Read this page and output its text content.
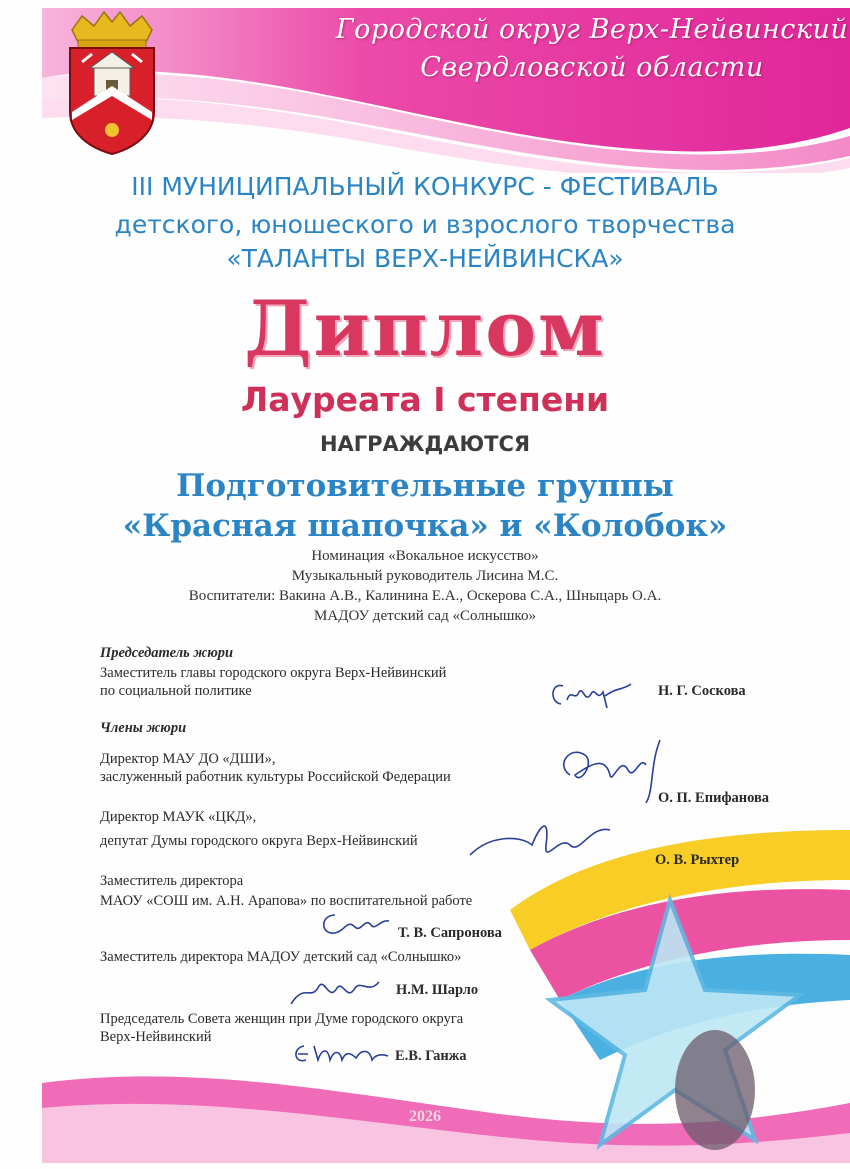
Городской округ Верх-Нейвинский
Свердловской области
III МУНИЦИПАЛЬНЫЙ КОНКУРС - ФЕСТИВАЛЬ
детского, юношеского и взрослого творчества
«ТАЛАНТЫ ВЕРХ-НЕЙВИНСКА»
Диплом
Лауреата I степени
НАГРАЖДАЮТСЯ
Подготовительные группы
«Красная шапочка» и «Колобок»
Номинация «Вокальное искусство»
Музыкальный руководитель Лисина М.С.
Воспитатели: Вакина А.В., Калинина Е.А., Оскерова С.А., Шныцарь О.А.
МАДОУ детский сад «Солнышко»
Председатель жюри
Заместитель главы городского округа Верх-Нейвинский
по социальной политике	Н. Г. Соскова
Члены жюри
Директор МАУ ДО «ДШИ»,
заслуженный работник культуры Российской Федерации
О. П. Епифанова
Директор МАУК «ЦКД»,
депутат Думы городского округа Верх-Нейвинский
О. В. Рыхтер
Заместитель директора
МАОУ «СОШ им. А.Н. Арапова» по воспитательной работе
Т. В. Сапронова
Заместитель директора МАДОУ детский сад «Солнышко»
Н.М. Шарло
Председатель Совета женщин при Думе городского округа
Верх-Нейвинский
Е.В. Ганжа
2026
